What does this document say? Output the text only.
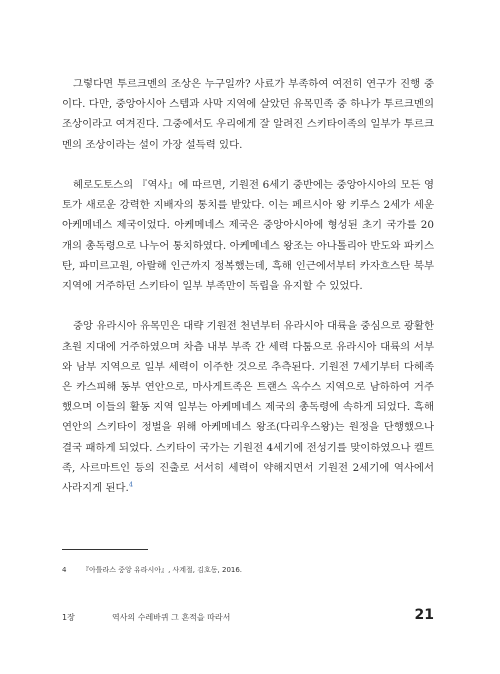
그렇다면 투르크멘의 조상은 누구일까? 사료가 부족하여 여전히 연구가 진행 중이다. 다만, 중앙아시아 스텝과 사막 지역에 살았던 유목민족 중 하나가 투르크멘의 조상이라고 여겨진다. 그중에서도 우리에게 잘 알려진 스키타이족의 일부가 투르크멘의 조상이라는 설이 가장 설득력 있다.

헤로도토스의 『역사』에 따르면, 기원전 6세기 중반에는 중앙아시아의 모든 영토가 새로운 강력한 지배자의 통치를 받았다. 이는 페르시아 왕 키루스 2세가 세운 아케메네스 제국이었다. 아케메네스 제국은 중앙아시아에 형성된 초기 국가를 20개의 총독령으로 나누어 통치하였다. 아케메네스 왕조는 아나톨리아 반도와 파키스탄, 파미르고원, 아랄해 인근까지 정복했는데, 흑해 인근에서부터 카자흐스탄 북부 지역에 거주하던 스키타이 일부 부족만이 독립을 유지할 수 있었다.

중앙 유라시아 유목민은 대략 기원전 천년부터 유라시아 대륙을 중심으로 광활한 초원 지대에 거주하였으며 차츰 내부 부족 간 세력 다툼으로 유라시아 대륙의 서부와 남부 지역으로 일부 세력이 이주한 것으로 추측된다. 기원전 7세기부터 다헤족은 카스피해 동부 연안으로, 마사게트족은 트랜스 옥수스 지역으로 남하하여 거주했으며 이들의 활동 지역 일부는 아케메네스 제국의 총독령에 속하게 되었다. 흑해 연안의 스키타이 정벌을 위해 아케메네스 왕조(다리우스왕)는 원정을 단행했으나 결국 패하게 되었다. 스키타이 국가는 기원전 4세기에 전성기를 맞이하였으나 켈트족, 사르마트인 등의 진출로 서서히 세력이 약해지면서 기원전 2세기에 역사에서 사라지게 된다.$^4$

4 『아틀라스 중앙 유라시아』, 사계절, 김호동, 2016.
1장	역사의 수레바퀴 그 흔적을 따라서	21
